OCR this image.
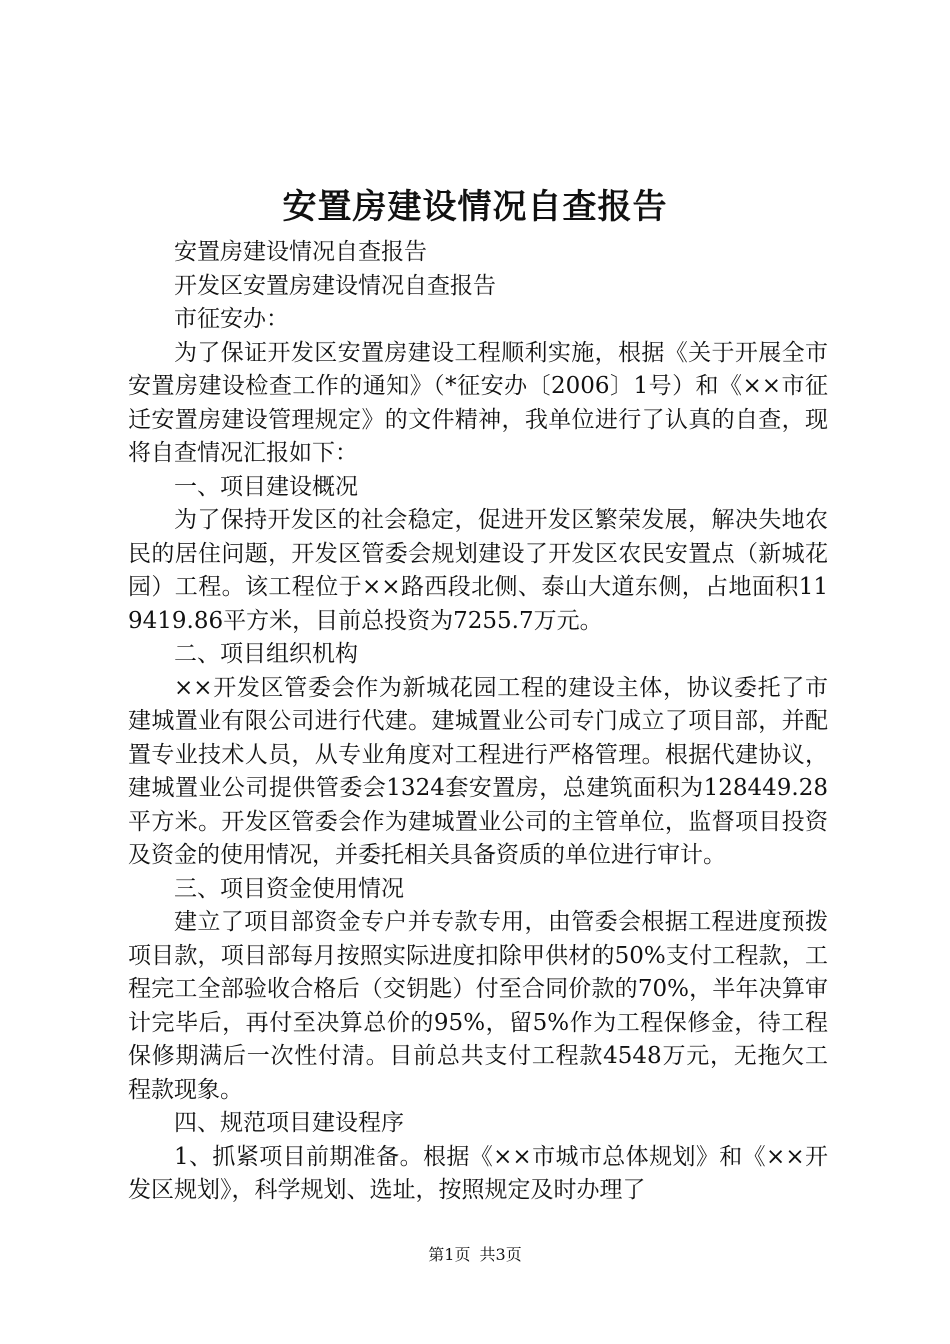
安置房建设情况自查报告

安置房建设情况自查报告

开发区安置房建设情况自查报告

市征安办：

为了保证开发区安置房建设工程顺利实施，根据《关于开展全市安置房建设检查工作的通知》（*征安办〔2006〕1号）和《××市征迁安置房建设管理规定》的文件精神，我单位进行了认真的自查，现将自查情况汇报如下：

一、项目建设概况

为了保持开发区的社会稳定，促进开发区繁荣发展，解决失地农民的居住问题，开发区管委会规划建设了开发区农民安置点（新城花园）工程。该工程位于××路西段北侧、泰山大道东侧，占地面积119419.86平方米，目前总投资为7255.7万元。

二、项目组织机构

××开发区管委会作为新城花园工程的建设主体，协议委托了市建城置业有限公司进行代建。建城置业公司专门成立了项目部，并配置专业技术人员，从专业角度对工程进行严格管理。根据代建协议，建城置业公司提供管委会1324套安置房，总建筑面积为128449.28平方米。开发区管委会作为建城置业公司的主管单位，监督项目投资及资金的使用情况，并委托相关具备资质的单位进行审计。

三、项目资金使用情况

建立了项目部资金专户并专款专用，由管委会根据工程进度预拨项目款，项目部每月按照实际进度扣除甲供材的50%支付工程款，工程完工全部验收合格后（交钥匙）付至合同价款的70%，半年决算审计完毕后，再付至决算总价的95%，留5%作为工程保修金，待工程保修期满后一次性付清。目前总共支付工程款4548万元，无拖欠工程款现象。

四、规范项目建设程序

1、抓紧项目前期准备。根据《××市城市总体规划》和《××开发区规划》，科学规划、选址，按照规定及时办理了

第1页 共3页
